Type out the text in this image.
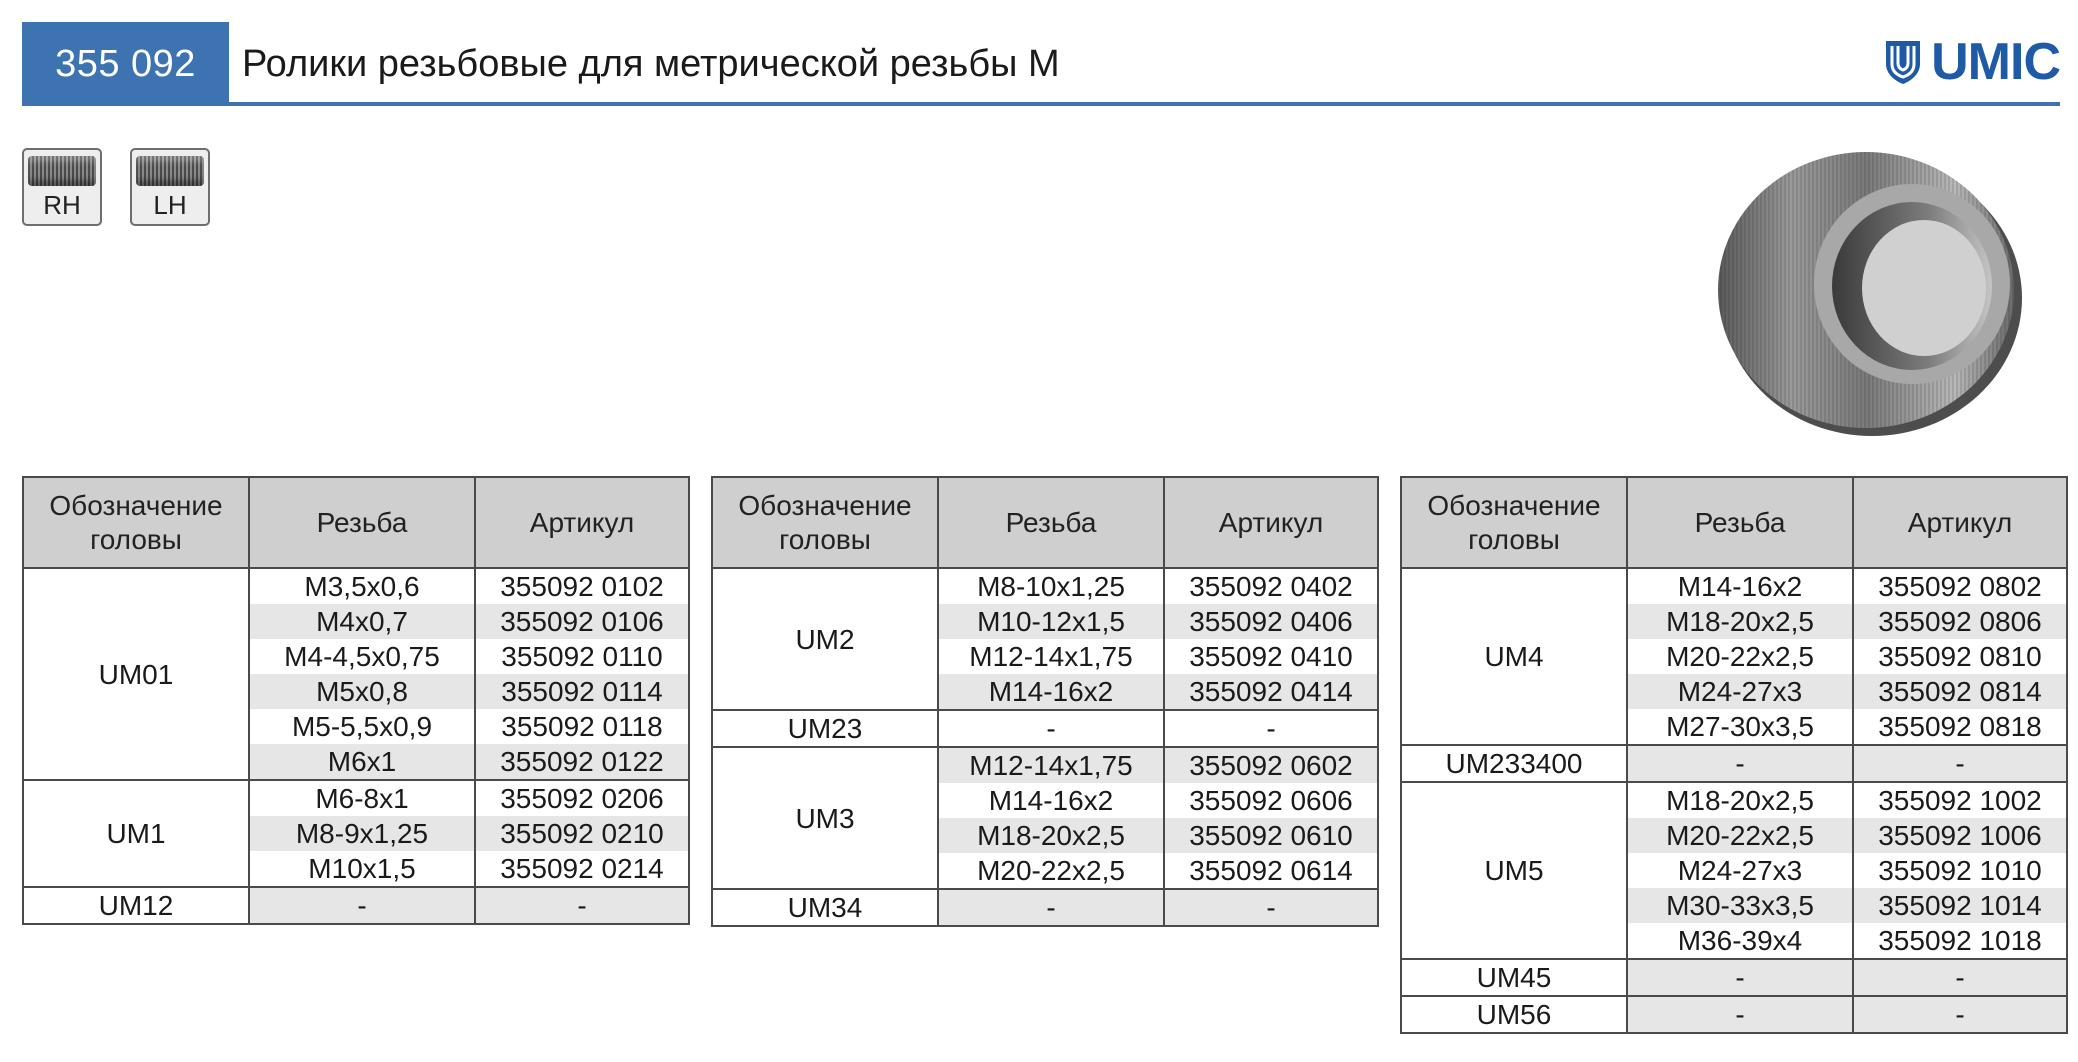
355 092	Ролики резьбовые для метрической резьбы M	UMIC
RH	LH
Обозначение головы	Резьба	Артикул
UM01	M3,5x0,6	355092 0102
	M4x0,7	355092 0106
	M4-4,5x0,75	355092 0110
	M5x0,8	355092 0114
	M5-5,5x0,9	355092 0118
	M6x1	355092 0122
UM1	M6-8x1	355092 0206
	M8-9x1,25	355092 0210
	M10x1,5	355092 0214
UM12	-	-
Обозначение головы	Резьба	Артикул
UM2	M8-10x1,25	355092 0402
	M10-12x1,5	355092 0406
	M12-14x1,75	355092 0410
	M14-16x2	355092 0414
UM23	-	-
UM3	M12-14x1,75	355092 0602
	M14-16x2	355092 0606
	M18-20x2,5	355092 0610
	M20-22x2,5	355092 0614
UM34	-	-
Обозначение головы	Резьба	Артикул
UM4	M14-16x2	355092 0802
	M18-20x2,5	355092 0806
	M20-22x2,5	355092 0810
	M24-27x3	355092 0814
	M27-30x3,5	355092 0818
UM233400	-	-
UM5	M18-20x2,5	355092 1002
	M20-22x2,5	355092 1006
	M24-27x3	355092 1010
	M30-33x3,5	355092 1014
	M36-39x4	355092 1018
UM45	-	-
UM56	-	-
